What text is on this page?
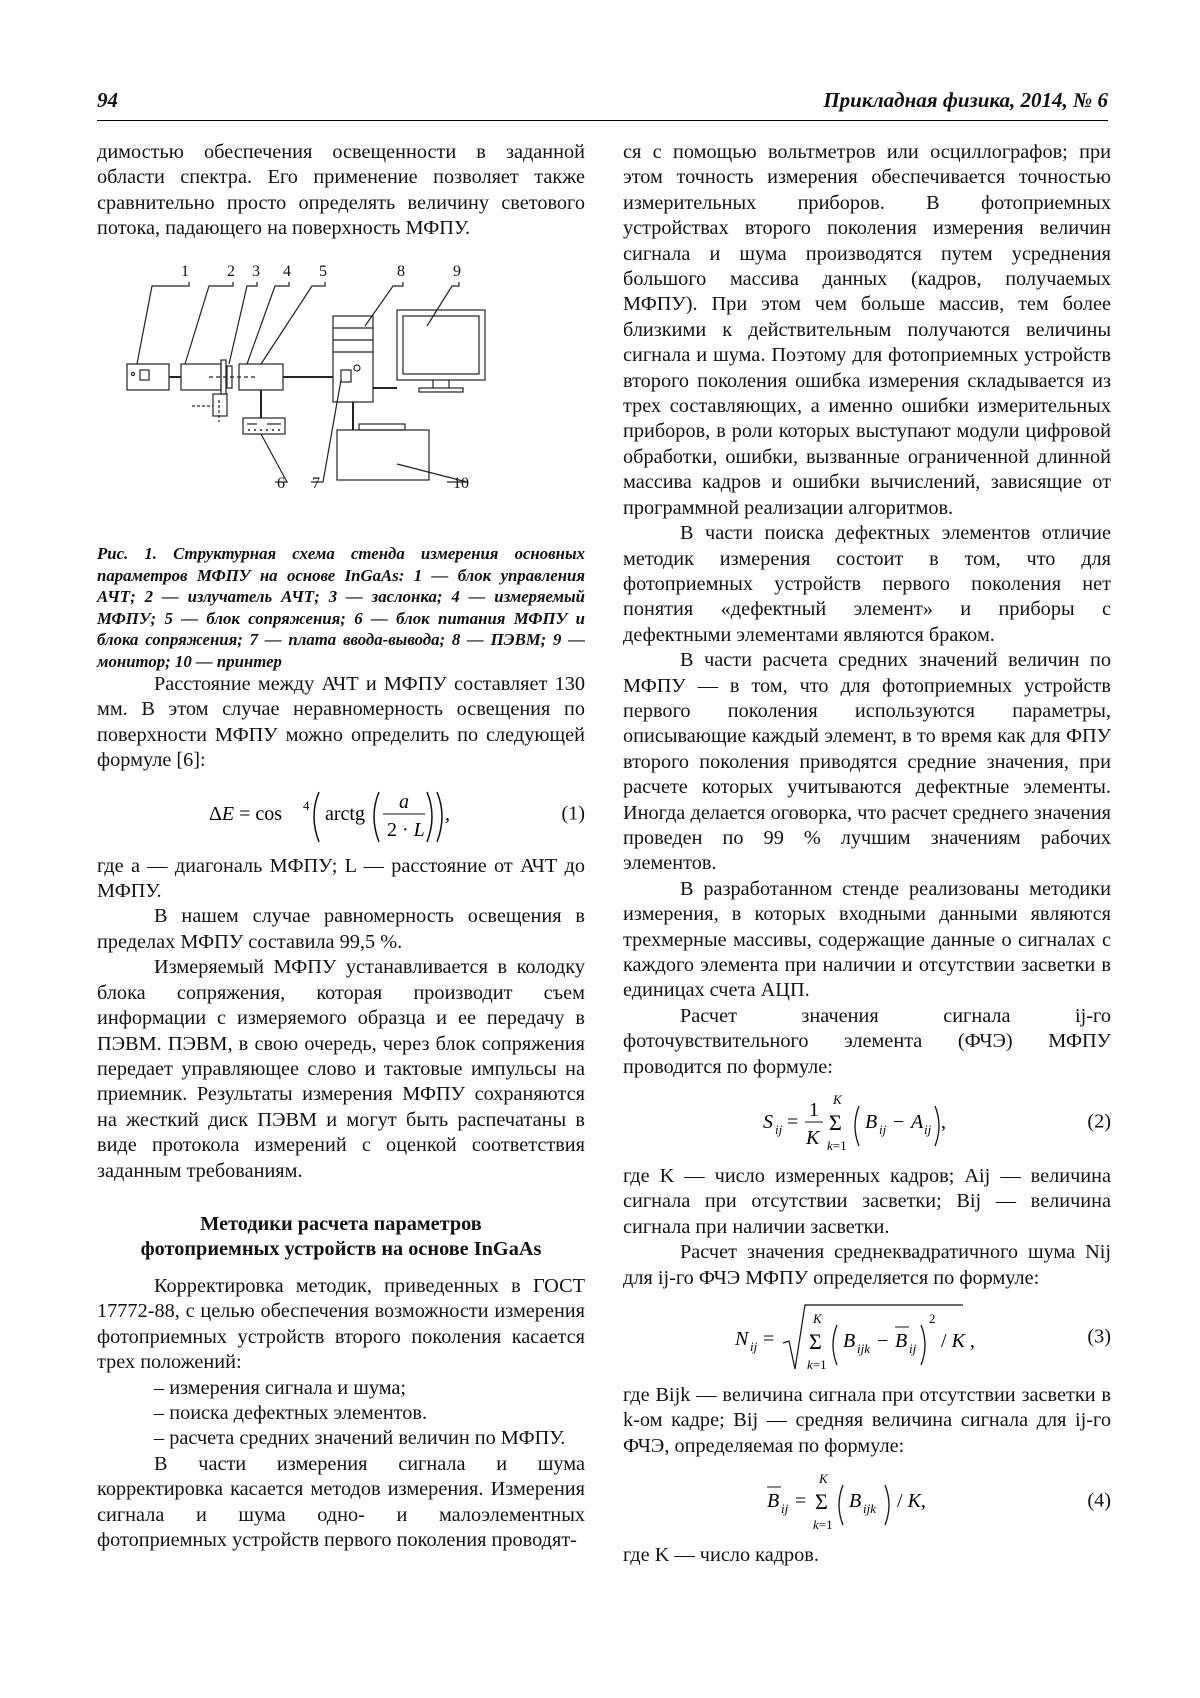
94	Прикладная физика, 2014, № 6

димостью обеспечения освещенности в заданной области спектра. Его применение позволяет также сравнительно просто определять величину светового потока, падающего на поверхность МФПУ.

1 2 3 4 5	8	9
6 7	10

Рис. 1. Структурная схема стенда измерения основных параметров МФПУ на основе InGaAs: 1 — блок управления АЧТ; 2 — излучатель АЧТ; 3 — заслонка; 4 — измеряемый МФПУ; 5 — блок сопряжения; 6 — блок питания МФПУ и блока сопряжения; 7 — плата ввода-вывода; 8 — ПЭВМ; 9 — монитор; 10 — принтер

Расстояние между АЧТ и МФПУ составляет 130 мм. В этом случае неравномерность освещения по поверхности МФПУ можно определить по следующей формуле [6]:

ΔE = cos 4 arctg
a
2 · L
,	(1)

где a — диагональ МФПУ; L — расстояние от АЧТ до МФПУ.

В нашем случае равномерность освещения в пределах МФПУ составила 99,5 %.

Измеряемый МФПУ устанавливается в колодку блока сопряжения, которая производит съем информации с измеряемого образца и ее передачу в ПЭВМ. ПЭВМ, в свою очередь, через блок сопряжения передает управляющее слово и тактовые импульсы на приемник. Результаты измерения МФПУ сохраняются на жесткий диск ПЭВМ и могут быть распечатаны в виде протокола измерений с оценкой соответствия заданным требованиям.

Методики расчета параметров
фотоприемных устройств на основе InGaAs

Корректировка методик, приведенных в ГОСТ 17772-88, с целью обеспечения возможности измерения фотоприемных устройств второго поколения касается трех положений:

– измерения сигнала и шума;

– поиска дефектных элементов.

– расчета средних значений величин по МФПУ.

В части измерения сигнала и шума корректировка касается методов измерения. Измерения сигнала и шума одно- и малоэлементных фотоприемных устройств первого поколения проводят-

ся с помощью вольтметров или осциллографов; при этом точность измерения обеспечивается точностью измерительных приборов. В фотоприемных устройствах второго поколения измерения величин сигнала и шума производятся путем усреднения большого массива данных (кадров, получаемых МФПУ). При этом чем больше массив, тем более близкими к действительным получаются величины сигнала и шума. Поэтому для фотоприемных устройств второго поколения ошибка измерения складывается из трех составляющих, а именно ошибки измерительных приборов, в роли которых выступают модули цифровой обработки, ошибки, вызванные ограниченной длинной массива кадров и ошибки вычислений, зависящие от программной реализации алгоритмов.

В части поиска дефектных элементов отличие методик измерения состоит в том, что для фотоприемных устройств первого поколения нет понятия «дефектный элемент» и приборы с дефектными элементами являются браком.

В части расчета средних значений величин по МФПУ — в том, что для фотоприемных устройств первого поколения используются параметры, описывающие каждый элемент, в то время как для ФПУ второго поколения приводятся средние значения, при расчете которых учитываются дефектные элементы. Иногда делается оговорка, что расчет среднего значения проведен по 99 % лучшим значениям рабочих элементов.

В разработанном стенде реализованы методики измерения, в которых входными данными являются трехмерные массивы, содержащие данные о сигналах с каждого элемента при наличии и отсутствии засветки в единицах счета АЦП.

Расчет значения сигнала ij-го фоточувствительного элемента (ФЧЭ) МФПУ проводится по формуле:

S ij =
1
K
K
Σ
k=1
B ij − A ij ,	(2)

где K — число измеренных кадров; Aij — величина сигнала при отсутствии засветки; Bij — величина сигнала при наличии засветки.

Расчет значения среднеквадратичного шума Nij для ij-го ФЧЭ МФПУ определяется по формуле:

N ij =
K
Σ
k=1
B ijk − B ij
2
/ K ,	(3)

где Bijk — величина сигнала при отсутствии засветки в k-ом кадре; Bij — средняя величина сигнала для ij-го ФЧЭ, определяемая по формуле:

B ij =
K
Σ
k=1
B ijk / K,	(4)

где K — число кадров.
